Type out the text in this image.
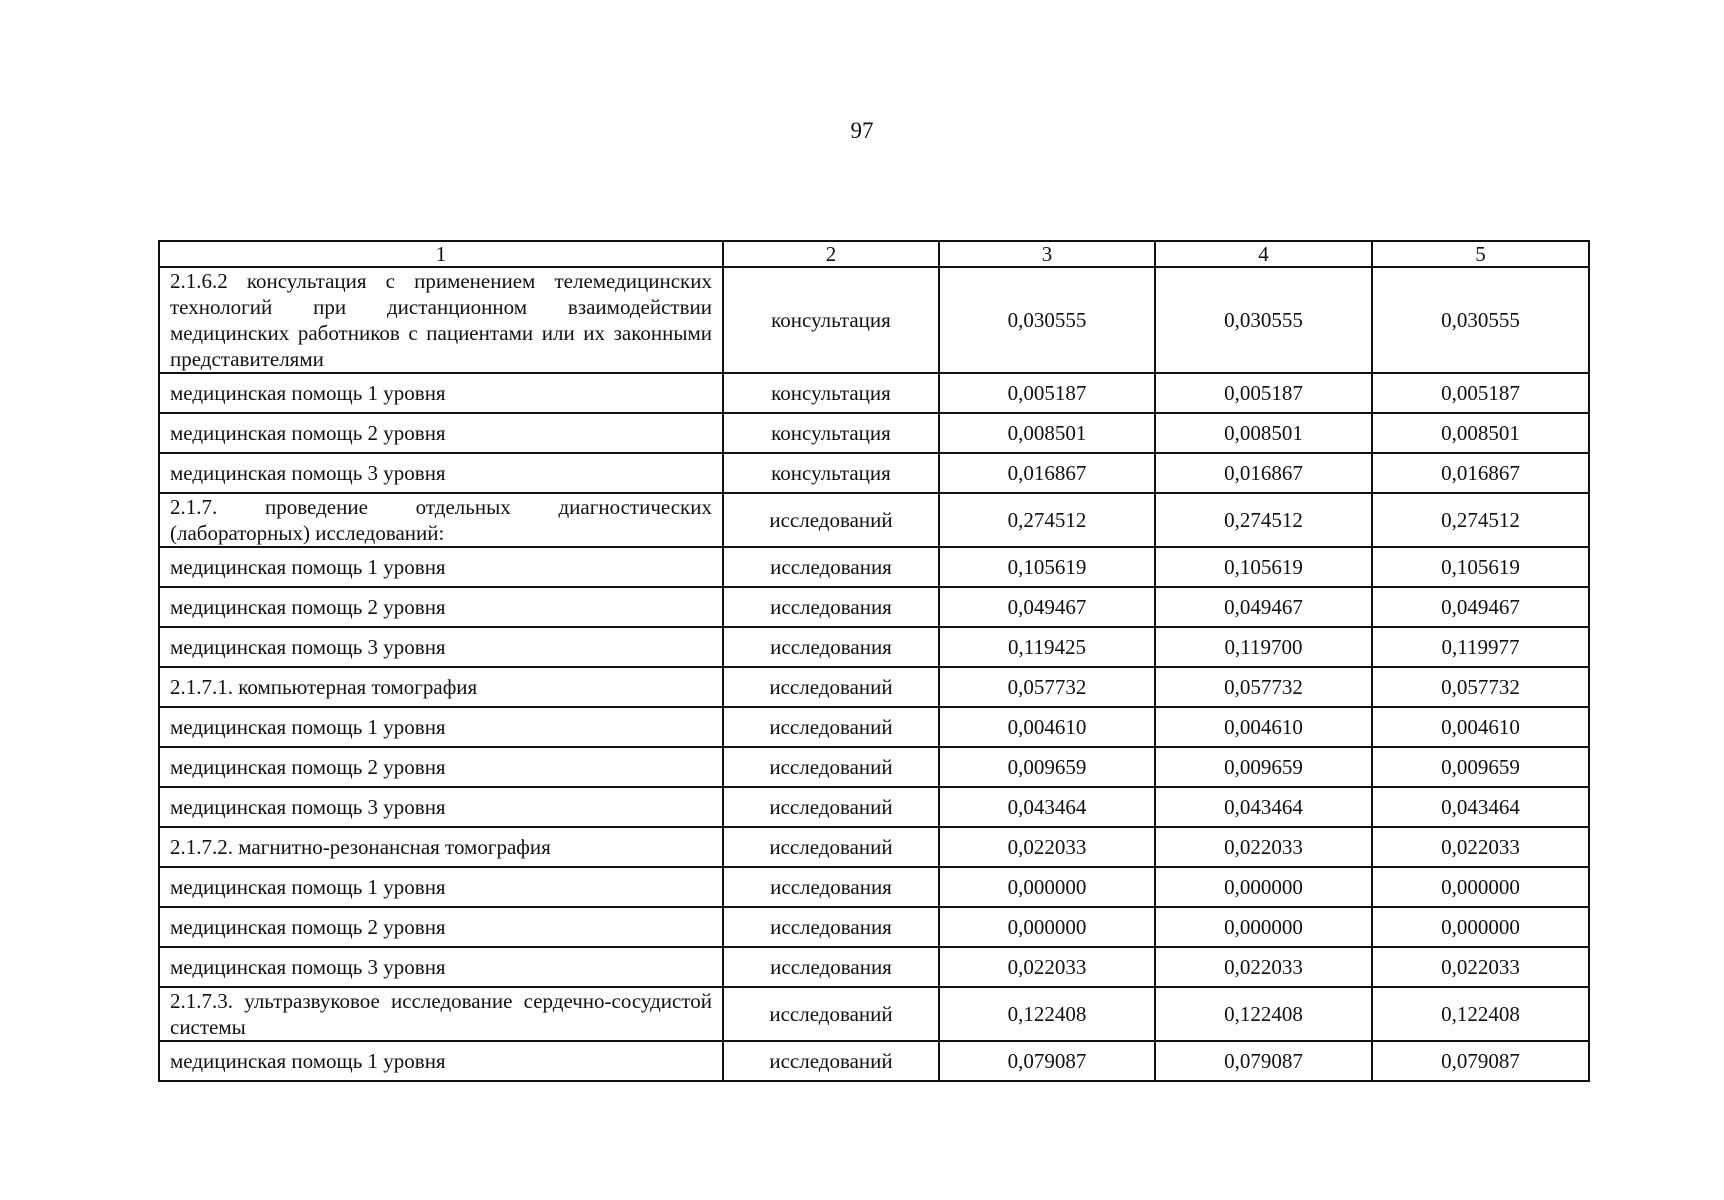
97
1	2	3	4	5
2.1.6.2 консультация с применением телемедицинских технологий при дистанционном взаимодействии медицинских работников с пациентами или их законными представителями	консультация	0,030555	0,030555	0,030555
медицинская помощь 1 уровня	консультация	0,005187	0,005187	0,005187
медицинская помощь 2 уровня	консультация	0,008501	0,008501	0,008501
медицинская помощь 3 уровня	консультация	0,016867	0,016867	0,016867
2.1.7. проведение отдельных диагностических (лабораторных) исследований:	исследований	0,274512	0,274512	0,274512
медицинская помощь 1 уровня	исследования	0,105619	0,105619	0,105619
медицинская помощь 2 уровня	исследования	0,049467	0,049467	0,049467
медицинская помощь 3 уровня	исследования	0,119425	0,119700	0,119977
2.1.7.1. компьютерная томография	исследований	0,057732	0,057732	0,057732
медицинская помощь 1 уровня	исследований	0,004610	0,004610	0,004610
медицинская помощь 2 уровня	исследований	0,009659	0,009659	0,009659
медицинская помощь 3 уровня	исследований	0,043464	0,043464	0,043464
2.1.7.2. магнитно-резонансная томография	исследований	0,022033	0,022033	0,022033
медицинская помощь 1 уровня	исследования	0,000000	0,000000	0,000000
медицинская помощь 2 уровня	исследования	0,000000	0,000000	0,000000
медицинская помощь 3 уровня	исследования	0,022033	0,022033	0,022033
2.1.7.3. ультразвуковое исследование сердечно-сосудистой системы	исследований	0,122408	0,122408	0,122408
медицинская помощь 1 уровня	исследований	0,079087	0,079087	0,079087
